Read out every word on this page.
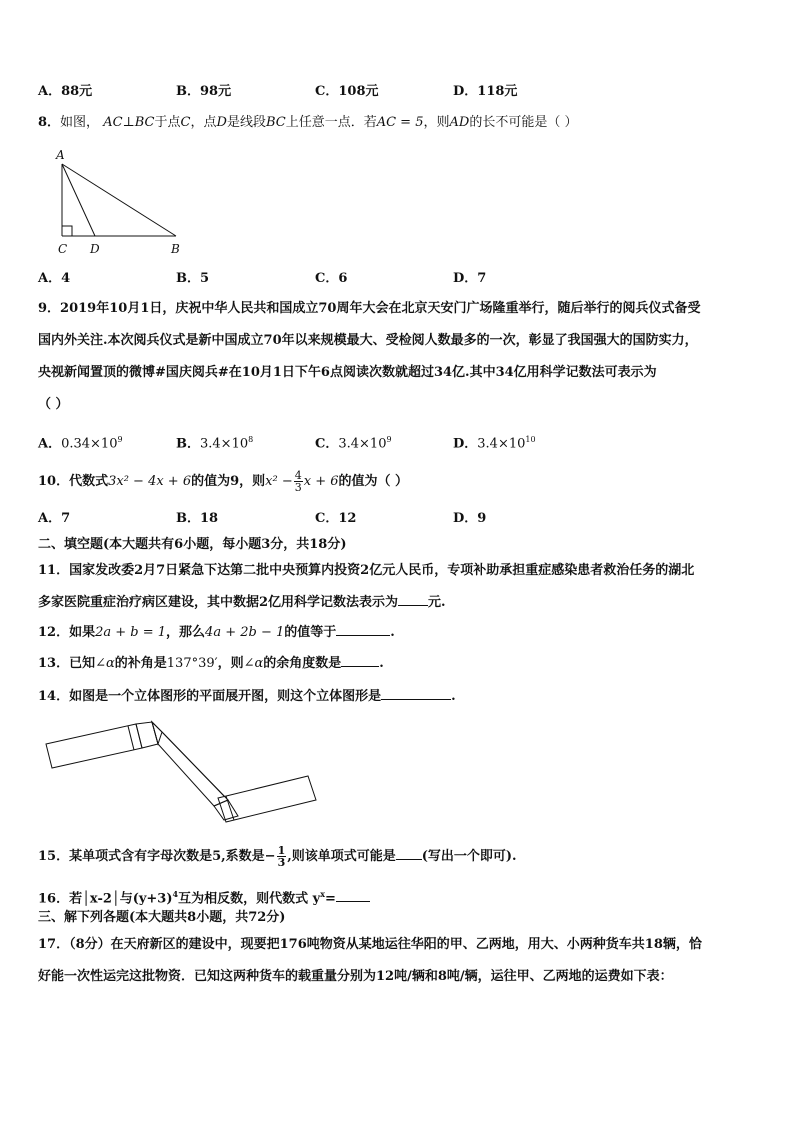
A．88元	B．98元	C．108元	D．118元
8．如图， AC⊥BC于点C，点D是线段BC上任意一点．若AC = 5，则AD的长不可能是（ ）
A
C D	B
A．4	B．5	C．6	D．7
9．2019年10月1日，庆祝中华人民共和国成立70周年大会在北京天安门广场隆重举行，随后举行的阅兵仪式备受
国内外关注.本次阅兵仪式是新中国成立70年以来规模最大、受检阅人数最多的一次，彰显了我国强大的国防实力，
央视新闻置顶的微博#国庆阅兵#在10月1日下午6点阅读次数就超过34亿.其中34亿用科学记数法可表示为
（ ）
A．$0.34\times 10^9$	B．$3.4\times 10^8$	C．$3.4\times 10^9$	D．$3.4\times 10^{10}$
10．代数式3x² − 4x + 6的值为9，则$x^2 - \frac{4}{3}$ x + 6的值为（ ）
A．7	B．18	C．12	D．9
二、填空题(本大题共有6小题，每小题3分，共18分)
11．国家发改委2月7日紧急下达第二批中央预算内投资2亿元人民币，专项补助承担重症感染患者救治任务的湖北
多家医院重症治疗病区建设，其中数据2亿用科学记数法表示为 元.
12．如果2a + b = 1，那么4a + 2b − 1的值等于	.
13．已知∠α的补角是137°39′，则∠α的余角度数是	.
14．如图是一个立体图形的平面展开图，则这个立体图形是	.
15．某单项式含有字母次数是5,系数是− $\frac{1}{3}$ ,则该单项式可能是 (写出一个即可).
16．若│x-2│与$(y+3)^4$互为相反数，则代数式 $y^x=$
三、解下列各题(本大题共8小题，共72分)
17．（8分）在天府新区的建设中，现要把176吨物资从某地运往华阳的甲、乙两地，用大、小两种货车共18辆，恰
好能一次性运完这批物资．已知这两种货车的载重量分别为12吨/辆和8吨/辆，运往甲、乙两地的运费如下表：
